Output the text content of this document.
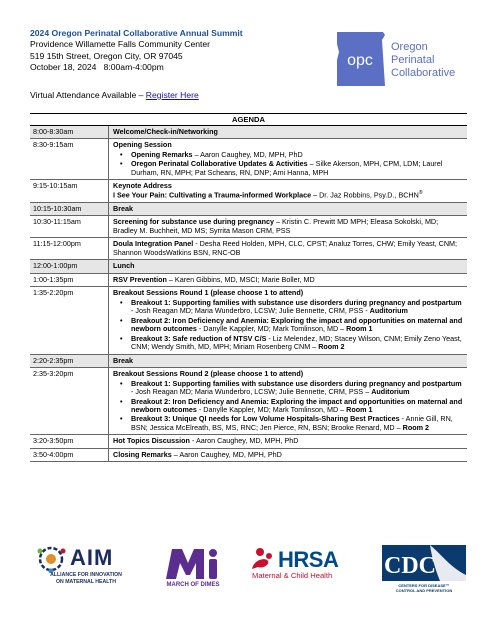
2024 Oregon Perinatal Collaborative Annual Summit
Providence Willamette Falls Community Center
519 15th Street, Oregon City, OR 97045
October 18, 2024   8:00am-4:00pm
Virtual Attendance Available – Register Here
opc
Oregon
Perinatal
Collaborative
AGENDA
8:00-8:30am	Welcome/Check-in/Networking
8:30-9:15am	Opening Session
• Opening Remarks – Aaron Caughey, MD, MPH, PhD
• Oregon Perinatal Collaborative Updates & Activities – Silke Akerson, MPH, CPM, LDM; Laurel Durham, RN, MPH; Pat Scheans, RN, DNP; Ami Hanna, MPH
9:15-10:15am	Keynote Address
I See Your Pain: Cultivating a Trauma-informed Workplace – Dr. Jaz Robbins, Psy.D., BCHN®
10:15-10:30am	Break
10:30-11:15am	Screening for substance use during pregnancy – Kristin C. Prewitt MD MPH; Eleasa Sokolski, MD; Bradley M. Buchheit, MD MS; Syrrita Mason CRM, PSS
11:15-12:00pm	Doula Integration Panel - Desha Reed Holden, MPH, CLC, CPST; Analuz Torres, CHW; Emily Yeast, CNM; Shannon WoodsWatkins BSN, RNC-OB
12:00-1:00pm	Lunch
1:00-1:35pm	RSV Prevention – Karen Gibbins, MD, MSCI; Marie Boller, MD
1:35-2:20pm	Breakout Sessions Round 1 (please choose 1 to attend)
• Breakout 1: Supporting families with substance use disorders during pregnancy and postpartum - Josh Reagan MD; Maria Wunderbro, LCSW; Julie Bennette, CRM, PSS - Auditorium
• Breakout 2: Iron Deficiency and Anemia: Exploring the impact and opportunities on maternal and newborn outcomes - Danylle Kappler, MD; Mark Tomlinson, MD – Room 1
• Breakout 3: Safe reduction of NTSV C/S - Liz Melendez, MD; Stacey Wilson, CNM; Emily Zeno Yeast, CNM; Wendy Smith, MD, MPH; Miriam Rosenberg CNM – Room 2
2:20-2:35pm	Break
2:35-3:20pm	Breakout Sessions Round 2 (please choose 1 to attend)
• Breakout 1: Supporting families with substance use disorders during pregnancy and postpartum - Josh Reagan MD; Maria Wunderbro, LCSW; Julie Bennette, CRM, PSS – Auditorium
• Breakout 2: Iron Deficiency and Anemia: Exploring the impact and opportunities on maternal and newborn outcomes - Danylle Kappler, MD; Mark Tomlinson, MD – Room 1
• Breakout 3: Unique QI needs for Low Volume Hospitals-Sharing Best Practices - Annie Gill, RN, BSN; Jessica McElreath, BS, MS, RNC; Jen Pierce, RN, BSN; Brooke Renard, MD – Room 2
3:20-3:50pm	Hot Topics Discussion - Aaron Caughey, MD, MPH, PhD
3:50-4:00pm	Closing Remarks – Aaron Caughey, MD, MPH, PhD
AIM
ALLIANCE FOR INNOVATION
ON MATERNAL HEALTH	MARCH OF DIMES
HRSA
Maternal & Child Health CDC
CENTERS FOR DISEASE™
CONTROL AND PREVENTION
